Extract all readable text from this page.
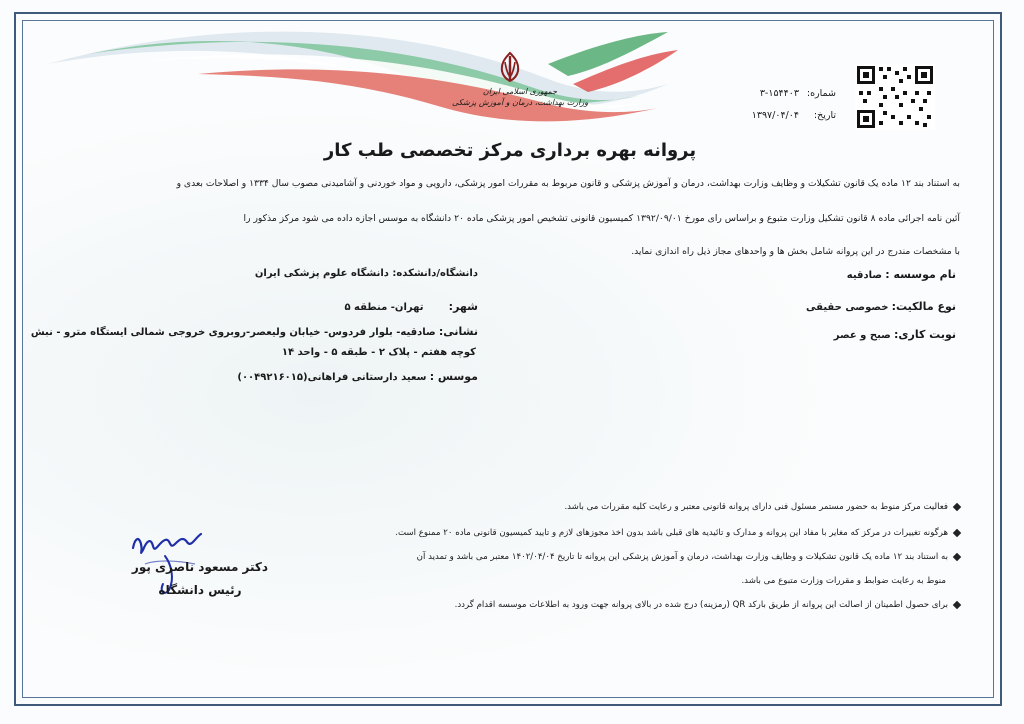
جمهوری اسلامی ایران
وزارت بهداشت، درمان و آموزش پزشکی
شماره: ۳-۱۵۴۴۰۳
تاریخ: ۱۳۹۷/۰۴/۰۴
پروانه بهره برداری مرکز تخصصی طب کار
به استناد بند ۱۲ ماده یک قانون تشکیلات و وظایف وزارت بهداشت، درمان و آموزش پزشکی و قانون مربوط به مقررات امور پزشکی، دارویی و مواد خوردنی و آشامیدنی مصوب سال ۱۳۳۴ و اصلاحات بعدی و
آئین نامه اجرائی ماده ۸ قانون تشکیل وزارت متبوع و براساس رای مورخ ۱۳۹۲/۰۹/۰۱ کمیسیون قانونی تشخیص امور پزشکی ماده ۲۰ دانشگاه به موسس اجازه داده می شود مرکز مذکور را
با مشخصات مندرج در این پروانه شامل بخش ها و واحدهای مجاز ذیل راه اندازی نماید.
نام موسسه : صادقیه
نوع مالکیت: خصوصی حقیقی
نوبت کاری: صبح و عصر
دانشگاه/دانشکده: دانشگاه علوم پزشکی ایران
شهر: تهران- منطقه ۵
نشانی: صادقیه- بلوار فردوس- خیابان ولیعصر-روبروی خروجی شمالی ایستگاه مترو - نبش
کوچه هفتم - پلاک ۲ - طبقه ۵ - واحد ۱۴
موسس : سعید دارستانی فراهانی(۰۰۴۹۲۱۶۰۱۵)
فعالیت مرکز منوط به حضور مستمر مسئول فنی دارای پروانه قانونی معتبر و رعایت کلیه مقررات می باشد.
هرگونه تغییرات در مرکز که مغایر با مفاد این پروانه و مدارک و تائیدیه های قبلی باشد بدون اخذ مجوزهای لازم و تایید کمیسیون قانونی ماده ۲۰ ممنوع است.
به استناد بند ۱۲ ماده یک قانون تشکیلات و وظایف وزارت بهداشت، درمان و آموزش پزشکی این پروانه تا تاریخ ۱۴۰۲/۰۴/۰۴ معتبر می باشد و تمدید آن
منوط به رعایت ضوابط و مقررات وزارت متبوع می باشد.
برای حصول اطمینان از اصالت این پروانه از طریق بارکد QR (رمزینه) درج شده در بالای پروانه جهت ورود به اطلاعات موسسه اقدام گردد.
دکتر مسعود ناصری پور
رئیس دانشگاه
